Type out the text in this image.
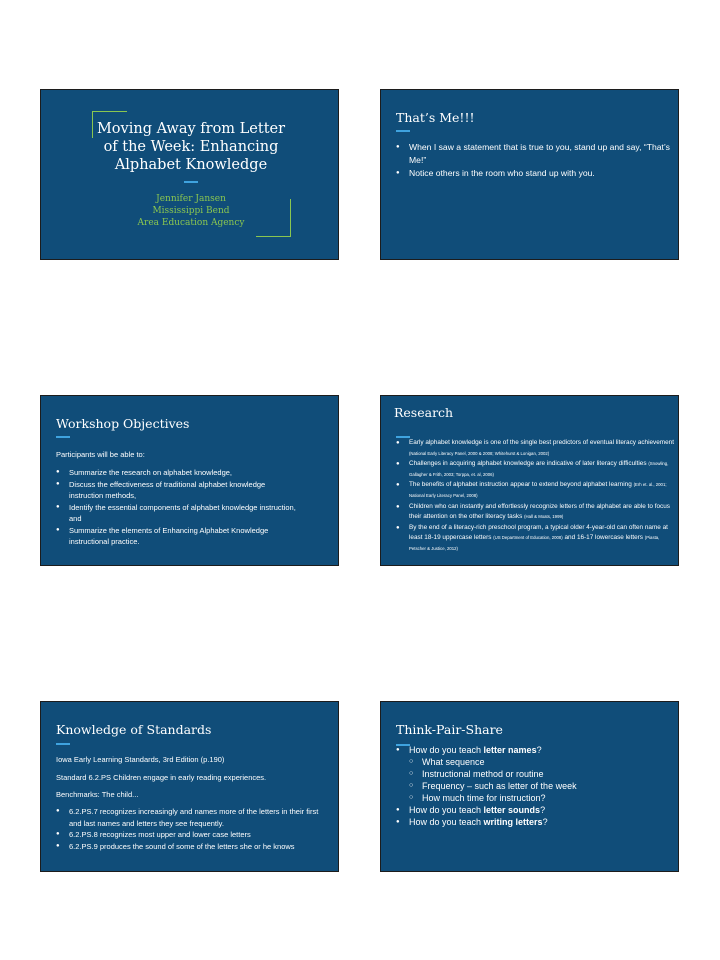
Moving Away from Letter
of the Week: Enhancing
Alphabet Knowledge
Jennifer Jansen
Mississippi Bend
Area Education Agency
That’s Me!!!
● When I saw a statement that is true to you, stand up and say, “That’s Me!”
● Notice others in the room who stand up with you.
Workshop Objectives
Participants will be able to:
● Summarize the research on alphabet knowledge,
● Discuss the effectiveness of traditional alphabet knowledge instruction methods,
● Identify the essential components of alphabet knowledge instruction, and
● Summarize the elements of Enhancing Alphabet Knowledge instructional practice.
Research
● Early alphabet knowledge is one of the single best predictors of eventual literacy achievement (National Early Literacy Panel, 2000 & 2008; Whitehurst & Lonigan, 2002)
● Challenges in acquiring alphabet knowledge are indicative of later literacy difficulties (Snowling, Gallagher & Frith, 2003; Torppa, et. al, 2006)
● The benefits of alphabet instruction appear to extend beyond alphabet learning (Erh et. al., 2001; National Early Literacy Panel, 2008)
● Children who can instantly and effortlessly recognize letters of the alphabet are able to focus their attention on the other literacy tasks (Hall & Moats, 1999)
● By the end of a literacy-rich preschool program, a typical older 4-year-old can often name at least 18-19 uppercase letters (US Department of Education, 2008) and 16-17 lowercase letters (Piasta, Petscher & Justice, 2012)
Knowledge of Standards
Iowa Early Learning Standards, 3rd Edition (p.190)
Standard 6.2.PS Children engage in early reading experiences.
Benchmarks: The child...
● 6.2.PS.7 recognizes increasingly and names more of the letters in their first and last names and letters they see frequently.
● 6.2.PS.8 recognizes most upper and lower case letters
● 6.2.PS.9 produces the sound of some of the letters she or he knows
Think-Pair-Share
● How do you teach letter names?
○ What sequence
○ Instructional method or routine
○ Frequency – such as letter of the week
○ How much time for instruction?
● How do you teach letter sounds?
● How do you teach writing letters?
